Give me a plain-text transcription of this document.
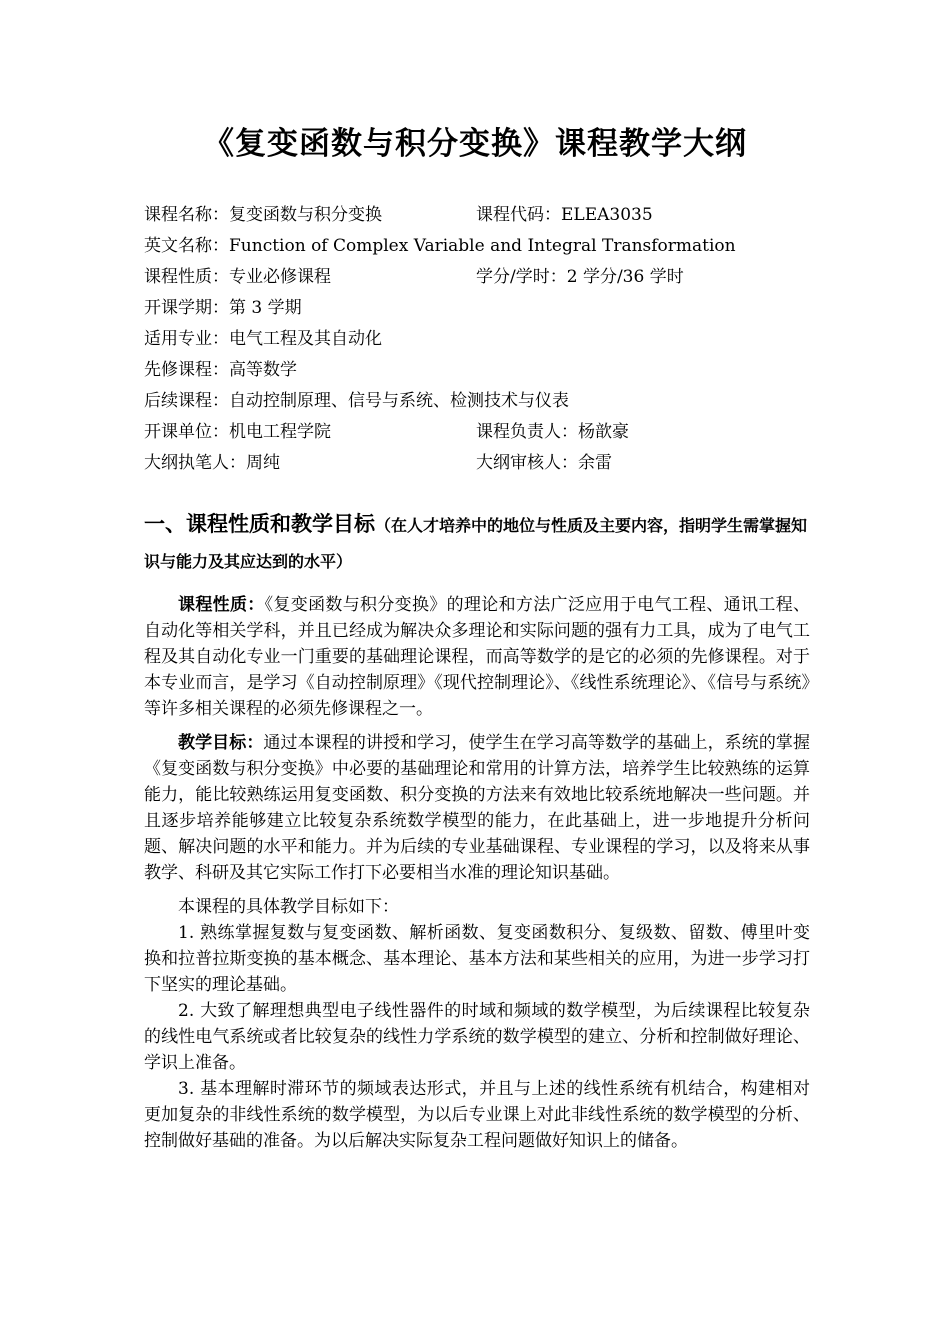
《复变函数与积分变换》课程教学大纲
课程名称：复变函数与积分变换	课程代码：ELEA3035
英文名称：Function of Complex Variable and Integral Transformation
课程性质：专业必修课程	学分/学时：2 学分/36 学时
开课学期：第 3 学期
适用专业：电气工程及其自动化
先修课程：高等数学
后续课程：自动控制原理、信号与系统、检测技术与仪表
开课单位：机电工程学院	课程负责人：杨歆豪
大纲执笔人：周纯	大纲审核人：余雷
一、课程性质和教学目标（在人才培养中的地位与性质及主要内容，指明学生需掌握知识与能力及其应达到的水平）

课程性质：《复变函数与积分变换》的理论和方法广泛应用于电气工程、通讯工程、自动化等相关学科，并且已经成为解决众多理论和实际问题的强有力工具，成为了电气工程及其自动化专业一门重要的基础理论课程，而高等数学的是它的必须的先修课程。对于本专业而言，是学习《自动控制原理》《现代控制理论》、《线性系统理论》、《信号与系统》等许多相关课程的必须先修课程之一。

教学目标：通过本课程的讲授和学习，使学生在学习高等数学的基础上，系统的掌握《复变函数与积分变换》中必要的基础理论和常用的计算方法，培养学生比较熟练的运算能力，能比较熟练运用复变函数、积分变换的方法来有效地比较系统地解决一些问题。并且逐步培养能够建立比较复杂系统数学模型的能力，在此基础上，进一步地提升分析问题、解决问题的水平和能力。并为后续的专业基础课程、专业课程的学习，以及将来从事教学、科研及其它实际工作打下必要相当水准的理论知识基础。

本课程的具体教学目标如下：

1. 熟练掌握复数与复变函数、解析函数、复变函数积分、复级数、留数、傅里叶变换和拉普拉斯变换的基本概念、基本理论、基本方法和某些相关的应用，为进一步学习打下坚实的理论基础。

2. 大致了解理想典型电子线性器件的时域和频域的数学模型，为后续课程比较复杂的线性电气系统或者比较复杂的线性力学系统的数学模型的建立、分析和控制做好理论、学识上准备。

3. 基本理解时滞环节的频域表达形式，并且与上述的线性系统有机结合，构建相对更加复杂的非线性系统的数学模型，为以后专业课上对此非线性系统的数学模型的分析、控制做好基础的准备。为以后解决实际复杂工程问题做好知识上的储备。
